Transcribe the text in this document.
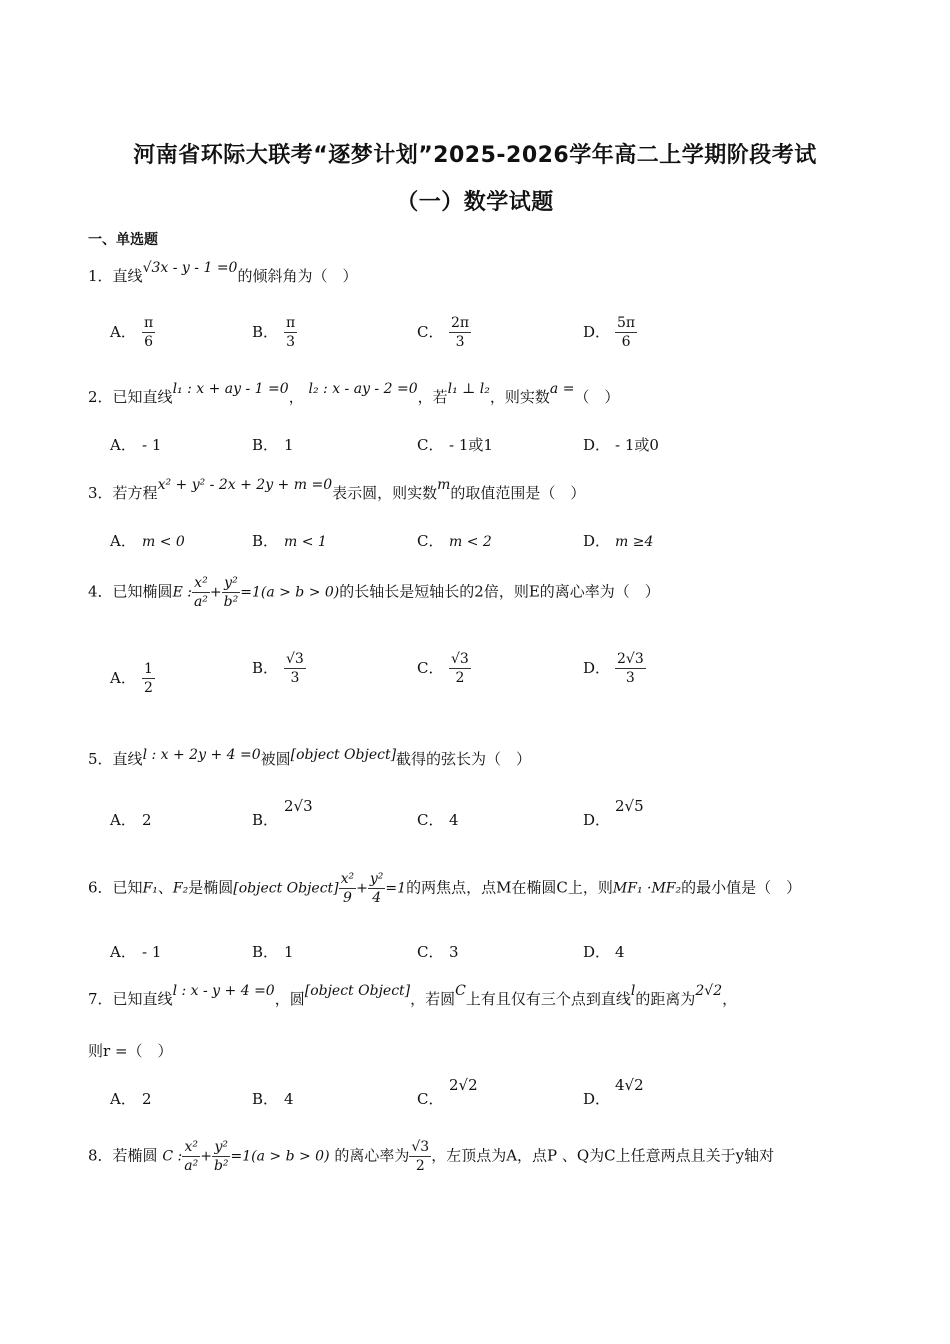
河南省环际大联考“逐梦计划”2025-2026学年高二上学期阶段考试
（一）数学试题
一、单选题
1．直线√3x - y - 1 =0的倾斜角为（　）
A． $\frac{\pi}{6}$	B． $\frac{\pi}{3}$	C． $\frac{2\pi}{3}$	D． $\frac{5\pi}{6}$
2．已知直线l₁ : x + ay - 1 =0， l₂ : x - ay - 2 =0，若l₁ ⊥ l₂，则实数a =（　）
A． - 1	B． 1	C． - 1或1	D． - 1或0
3．若方程x² + y² - 2x + 2y + m =0表示圆，则实数m的取值范围是（　）
A． m < 0	B． m < 1	C． m < 2	D． m ≥4
4．已知椭圆E : $\frac{\text{x²}}{\text{a²}} + \frac{\text{y²}}{\text{b²}} =1(a > b > 0)$的长轴长是短轴长的2倍，则E的离心率为（　）
A． $\frac{1}{2}$	B． $\frac{√3}{3}$	C． $\frac{√3}{2}$	D． $\frac{2√3}{3}$
5．直线l : x + 2y + 4 =0被圆[object Object]截得的弦长为（　）
A． 2	B．2√3
C． 4	D．2√5
6．已知F₁、F₂是椭圆[object Object] $\frac{\text{x²}}{9} + \frac{\text{y²}}{4} =1$的两焦点，点M在椭圆C上，则MF₁ ·MF₂的最小值是（　）
A． - 1	B． 1	C． 3	D． 4
7．已知直线l : x - y + 4 =0，圆[object Object]，若圆C上有且仅有三个点到直线l的距离为2√2，
则r =（　）
A． 2	B． 4	C．2√2
D．4√2
8．若椭圆 C : $\frac{\text{x²}}{\text{a²}} + \frac{\text{y²}}{\text{b²}} =1(a > b > 0)$ 的离心率为 $\frac{√3}{2}$ ，左顶点为A，点P 、Q为C上任意两点且关于y轴对
